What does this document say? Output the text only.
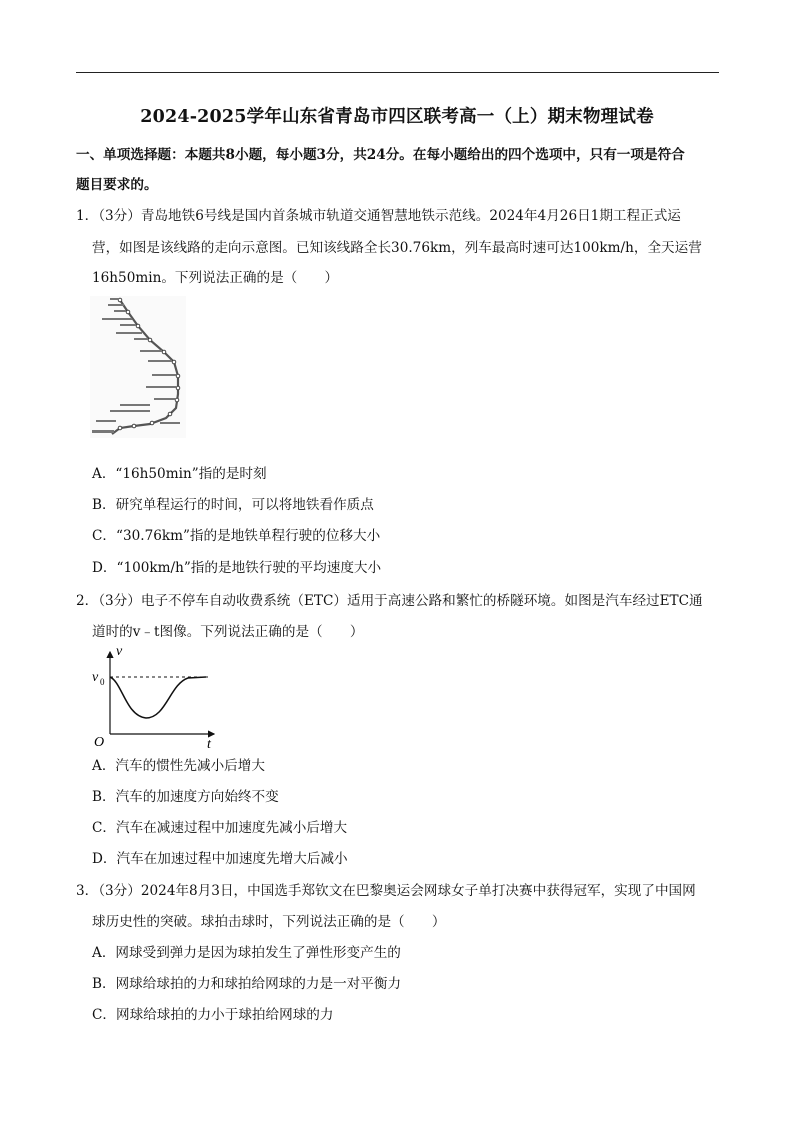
2024-2025学年山东省青岛市四区联考高一（上）期末物理试卷
一、单项选择题：本题共8小题，每小题3分，共24分。在每小题给出的四个选项中，只有一项是符合
题目要求的。
1．（3分）青岛地铁6号线是国内首条城市轨道交通智慧地铁示范线。2024年4月26日1期工程正式运
营，如图是该线路的走向示意图。已知该线路全长30.76km，列车最高时速可达100km/h，全天运营
16h50min。下列说法正确的是（　　）
A．“16h50min”指的是时刻
B．研究单程运行的时间，可以将地铁看作质点
C．“30.76km”指的是地铁单程行驶的位移大小
D．“100km/h”指的是地铁行驶的平均速度大小
2．（3分）电子不停车自动收费系统（ETC）适用于高速公路和繁忙的桥隧环境。如图是汽车经过ETC通
道时的v﹣t图像。下列说法正确的是（　　）
v
t
O
v 0
A．汽车的惯性先减小后增大
B．汽车的加速度方向始终不变
C．汽车在减速过程中加速度先减小后增大
D．汽车在加速过程中加速度先增大后减小
3．（3分）2024年8月3日，中国选手郑钦文在巴黎奥运会网球女子单打决赛中获得冠军，实现了中国网
球历史性的突破。球拍击球时，下列说法正确的是（　　）
A．网球受到弹力是因为球拍发生了弹性形变产生的
B．网球给球拍的力和球拍给网球的力是一对平衡力
C．网球给球拍的力小于球拍给网球的力
